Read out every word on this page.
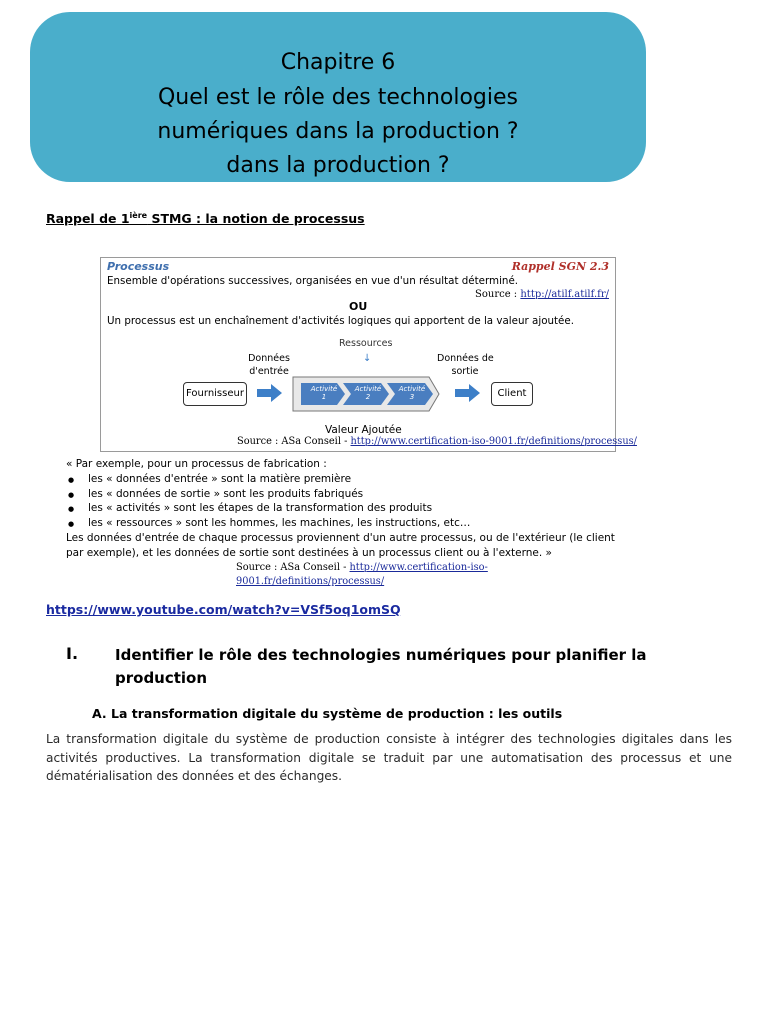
Chapitre 6
Quel est le rôle des technologies
numériques dans la production ?
dans la production ?
Rappel de $1^{ière}$ STMG : la notion de processus
Processus	Rappel SGN 2.3
Ensemble d'opérations successives, organisées en vue d'un résultat déterminé.
Source : http://atilf.atilf.fr/
OU
Un processus est un enchaînement d'activités logiques qui apportent de la valeur ajoutée.
Ressources
↓
Données
d'entrée
Données de
sortie
Fournisseur	Activité
1
Activité
2
Activité
3	Client
Valeur Ajoutée
Source : ASa Conseil - http://www.certification-iso-9001.fr/definitions/processus/
« Par exemple, pour un processus de fabrication :
● les « données d'entrée » sont la matière première
● les « données de sortie » sont les produits fabriqués
● les « activités » sont les étapes de la transformation des produits
● les « ressources » sont les hommes, les machines, les instructions, etc…
Les données d'entrée de chaque processus proviennent d'un autre processus, ou de l'extérieur (le client par exemple), et les données de sortie sont destinées à un processus client ou à l'externe. »
Source : ASa Conseil - http://www.certification-iso-9001.fr/definitions/processus/
https://www.youtube.com/watch?v=VSf5oq1omSQ
I. Identifier le rôle des technologies numériques pour planifier la production
A. La transformation digitale du système de production : les outils
La transformation digitale du système de production consiste à intégrer des technologies digitales dans les activités productives. La transformation digitale se traduit par une automatisation des processus et une dématérialisation des données et des échanges.
